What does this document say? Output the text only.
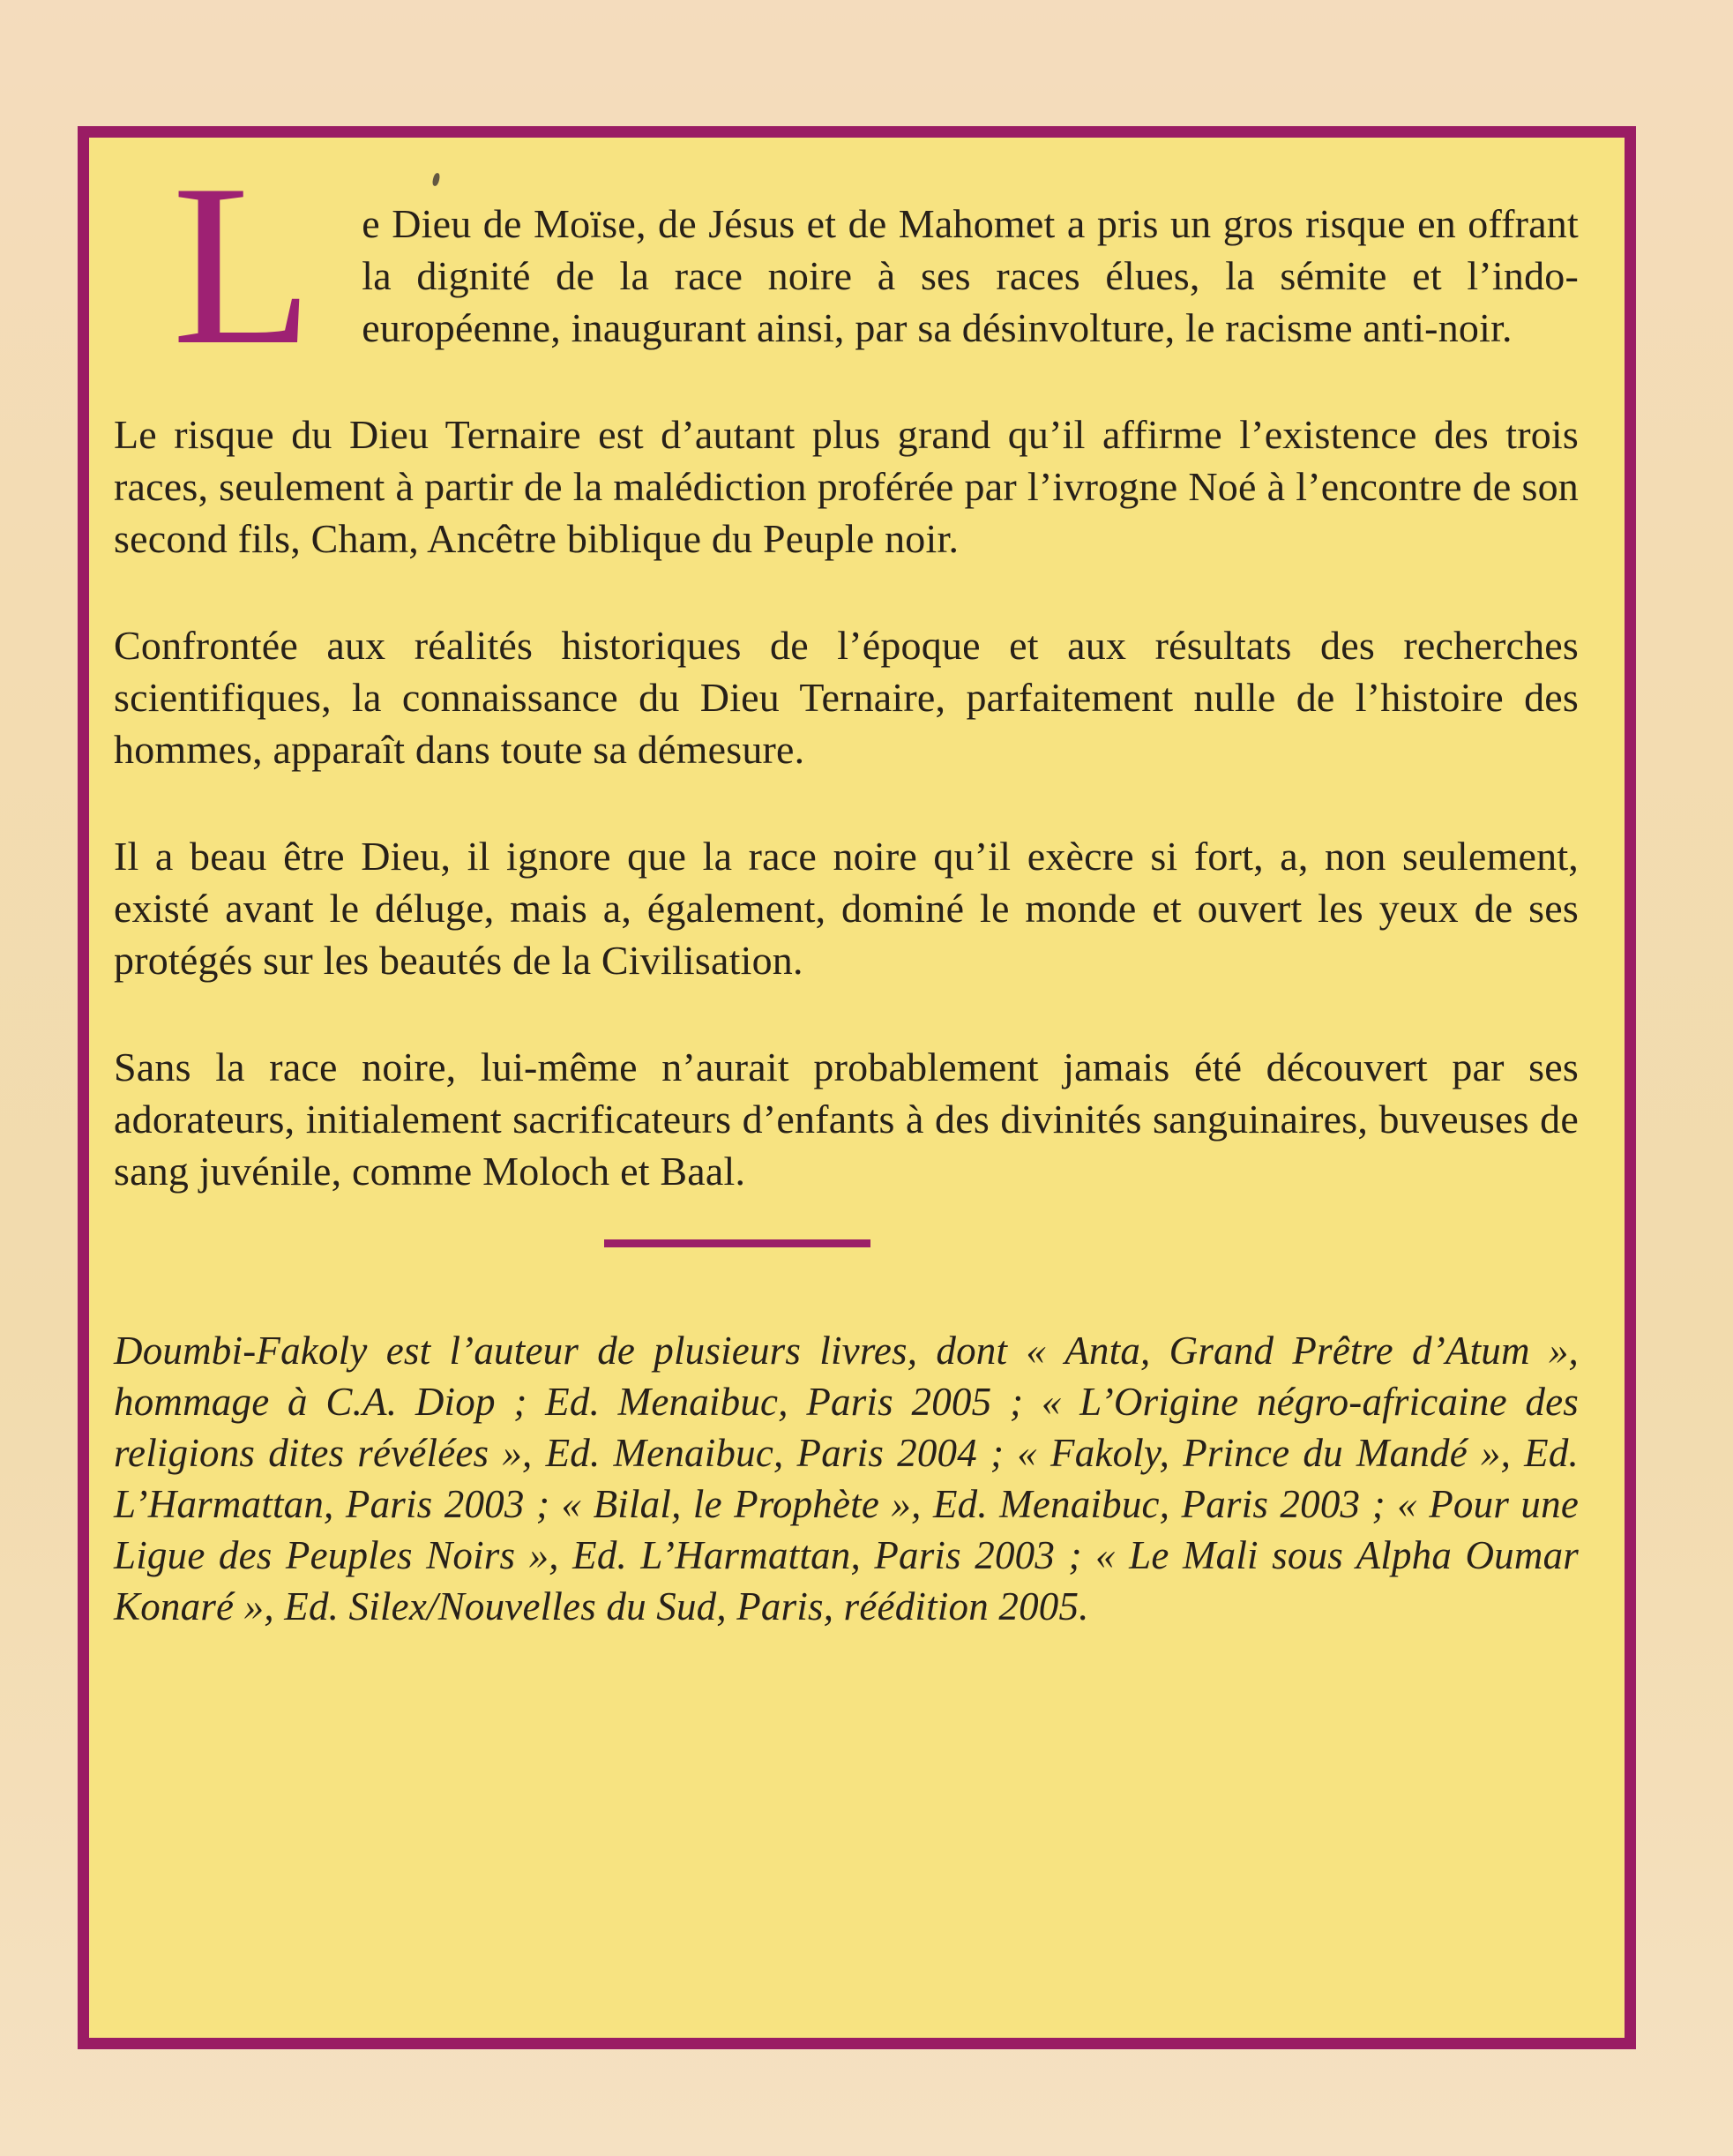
L e Dieu de Moïse, de Jésus et de Mahomet a pris un gros risque en offrant la dignité de la race noire à ses races élues, la sémite et l’indo-européenne, inaugurant ainsi, par sa désinvolture, le racisme anti-noir.

Le risque du Dieu Ternaire est d’autant plus grand qu’il affirme l’existence des trois races, seulement à partir de la malédiction proférée par l’ivrogne Noé à l’encontre de son second fils, Cham, Ancêtre biblique du Peuple noir.

Confrontée aux réalités historiques de l’époque et aux résultats des recherches scientifiques, la connaissance du Dieu Ternaire, parfaitement nulle de l’histoire des hommes, apparaît dans toute sa démesure.

Il a beau être Dieu, il ignore que la race noire qu’il exècre si fort, a, non seulement, existé avant le déluge, mais a, également, dominé le monde et ouvert les yeux de ses protégés sur les beautés de la Civilisation.

Sans la race noire, lui-même n’aurait probablement jamais été découvert par ses adorateurs, initialement sacrificateurs d’enfants à des divinités sanguinaires, buveuses de sang juvénile, comme Moloch et Baal.

Doumbi-Fakoly est l’auteur de plusieurs livres, dont « Anta, Grand Prêtre d’Atum », hommage à C.A. Diop ; Ed. Menaibuc, Paris 2005 ; « L’Origine négro-africaine des religions dites révélées », Ed. Menaibuc, Paris 2004 ; « Fakoly, Prince du Mandé », Ed. L’Harmattan, Paris 2003 ; « Bilal, le Prophète », Ed. Menaibuc, Paris 2003 ; « Pour une Ligue des Peuples Noirs », Ed. L’Harmattan, Paris 2003 ; « Le Mali sous Alpha Oumar Konaré », Ed. Silex/Nouvelles du Sud, Paris, réédition 2005.
